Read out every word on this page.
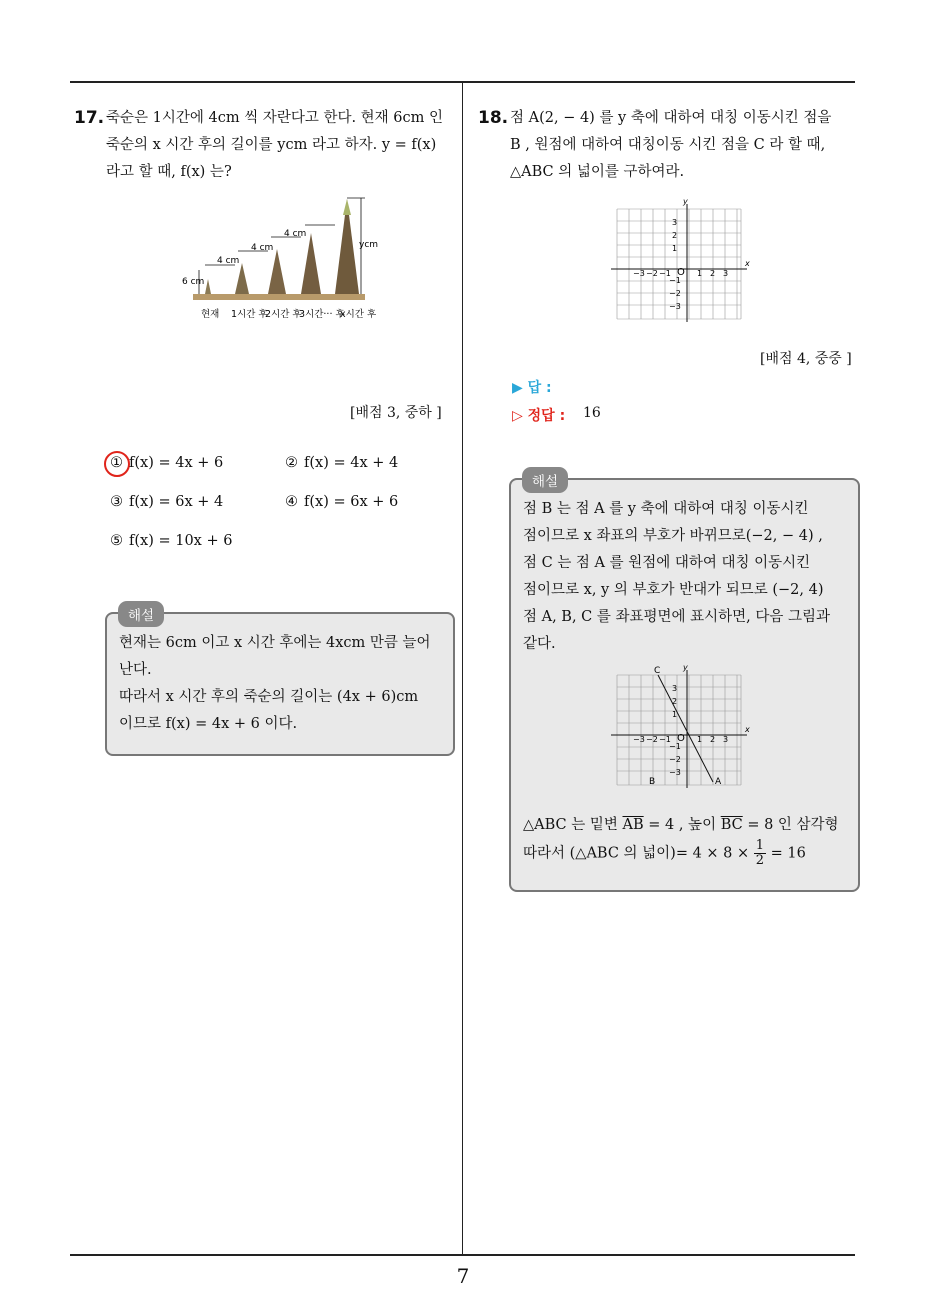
17. 죽순은 1시간에 4cm 씩 자란다고 한다. 현재 6cm 인

죽순의 x 시간 후의 길이를 ycm 라고 하자. y = f(x)

라고 할 때, f(x) 는?

6 cm
4 cm
4 cm
4 cm
ycm
현재 1시간 후
2시간 후
3시간··· 후
x시간 후
[배점 3, 중하 ]
① f(x) = 4x + 6	② f(x) = 4x + 4
③ f(x) = 6x + 4	④ f(x) = 6x + 6
⑤ f(x) = 10x + 6
해설

현재는 6cm 이고 x 시간 후에는 4xcm 만큼 늘어

난다.

따라서 x 시간 후의 죽순의 길이는 (4x + 6)cm

이므로 f(x) = 4x + 6 이다.

18. 점 A(2, − 4) 를 y 축에 대하여 대칭 이동시킨 점을

B , 원점에 대하여 대칭이동 시킨 점을 C 라 할 때,

△ABC 의 넓이를 구하여라.

x
y
O
−3 −2 −1	1 2 3
3
2
1
−1
−2
−3
[배점 4, 중중 ]
▶ 답 :
▷ 정답 : 16
해설

점 B 는 점 A 를 y 축에 대하여 대칭 이동시킨

점이므로 x 좌표의 부호가 바뀌므로(−2, − 4) ,

점 C 는 점 A 를 원점에 대하여 대칭 이동시킨

점이므로 x, y 의 부호가 반대가 되므로 (−2, 4)

점 A, B, C 를 좌표평면에 표시하면, 다음 그림과

같다.

x
y
O
−3 −2 −1	1 2 3
3
2
1
−1
−2
−3
C
B	A

△ABC 는 밑변 $\overline{AB} = 4$ , 높이 $\overline{BC} = 8$ 인 삼각형

따라서 (△ABC 의 넓이)= $4 \times 8 \times \frac{1}{2} = 16$

7
